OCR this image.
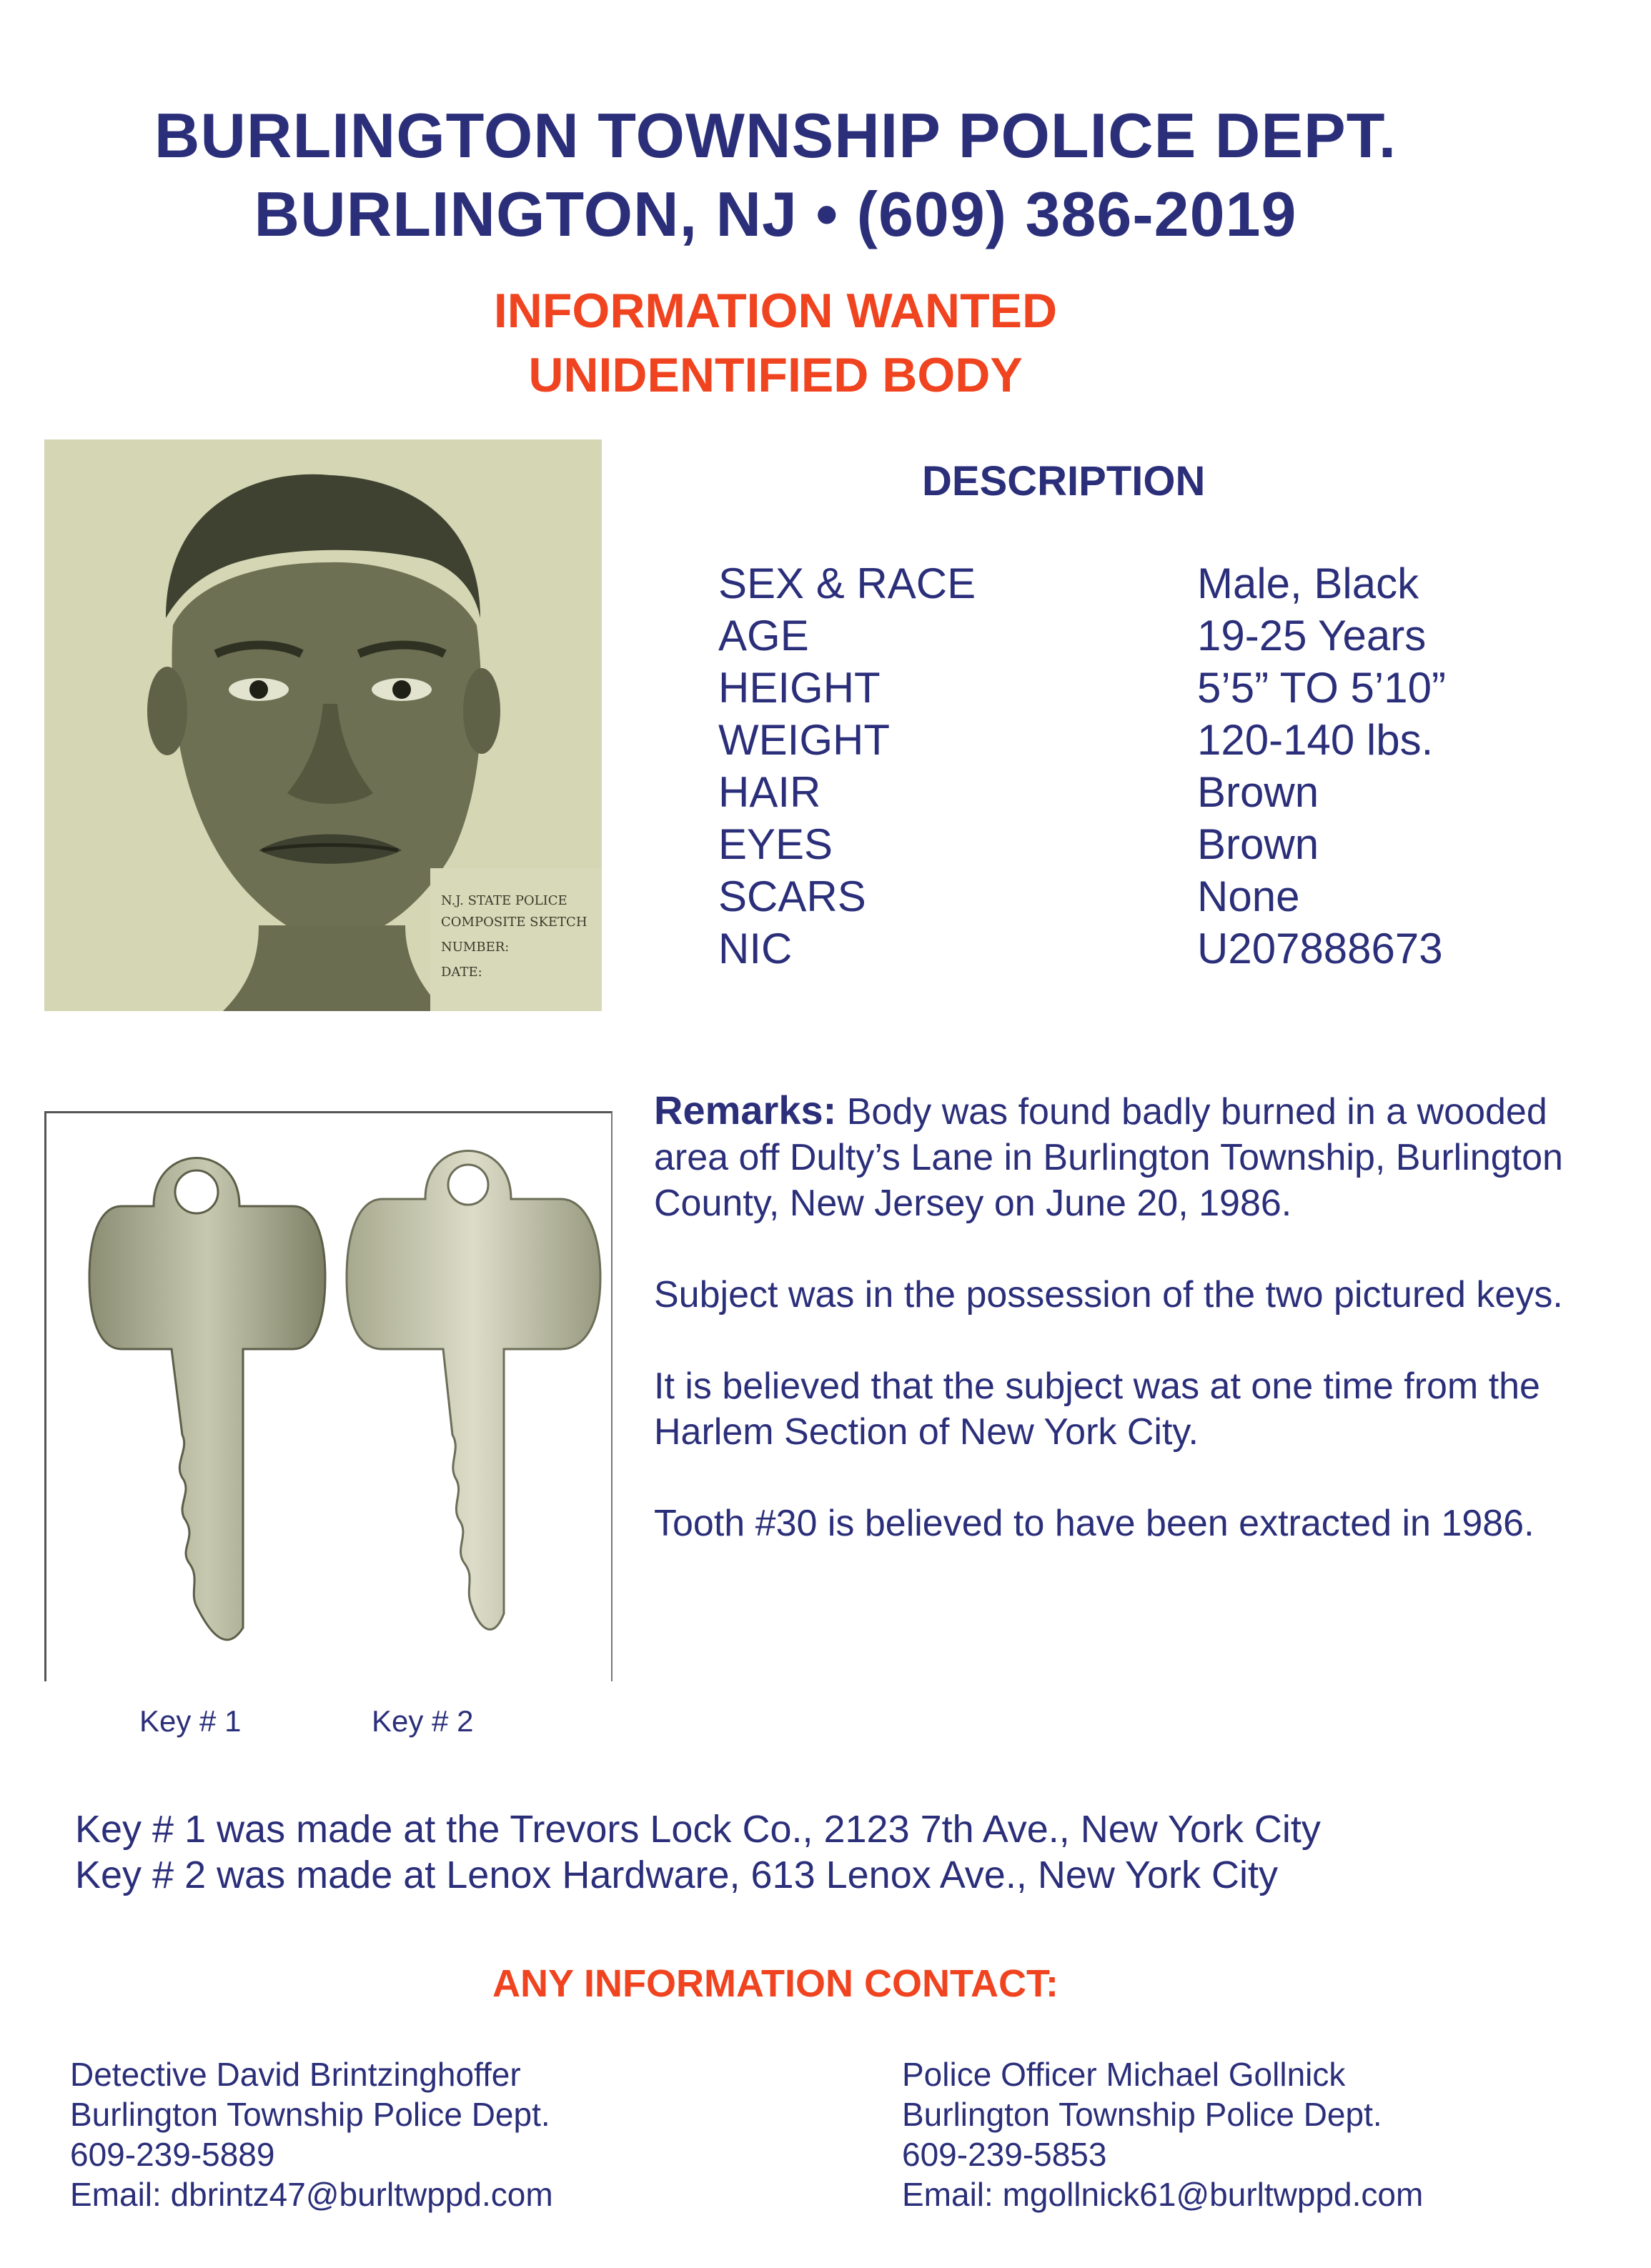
BURLINGTON TOWNSHIP POLICE DEPT.
BURLINGTON, NJ • (609) 386-2019
INFORMATION WANTED
UNIDENTIFIED BODY
N.J. STATE POLICE
COMPOSITE SKETCH
NUMBER:
DATE:
DESCRIPTION
SEX & RACE	Male, Black
AGE	19-25 Years
HEIGHT	5’5” TO 5’10”
WEIGHT	120-140 lbs.
HAIR	Brown
EYES	Brown
SCARS	None
NIC	U207888673
Key # 1	Key # 2

Remarks: Body was found badly burned in a wooded area off Dulty’s Lane in Burlington Township, Burlington County, New Jersey on June 20, 1986.

Subject was in the possession of the two pictured keys.

It is believed that the subject was at one time from the Harlem Section of New York City.

Tooth #30 is believed to have been extracted in 1986.

Key # 1 was made at the Trevors Lock Co., 2123 7th Ave., New York City
Key # 2 was made at Lenox Hardware, 613 Lenox Ave., New York City
ANY INFORMATION CONTACT:
Detective David Brintzinghoffer
Burlington Township Police Dept.
609-239-5889
Email: dbrintz47@burltwppd.com
Police Officer Michael Gollnick
Burlington Township Police Dept.
609-239-5853
Email: mgollnick61@burltwppd.com
